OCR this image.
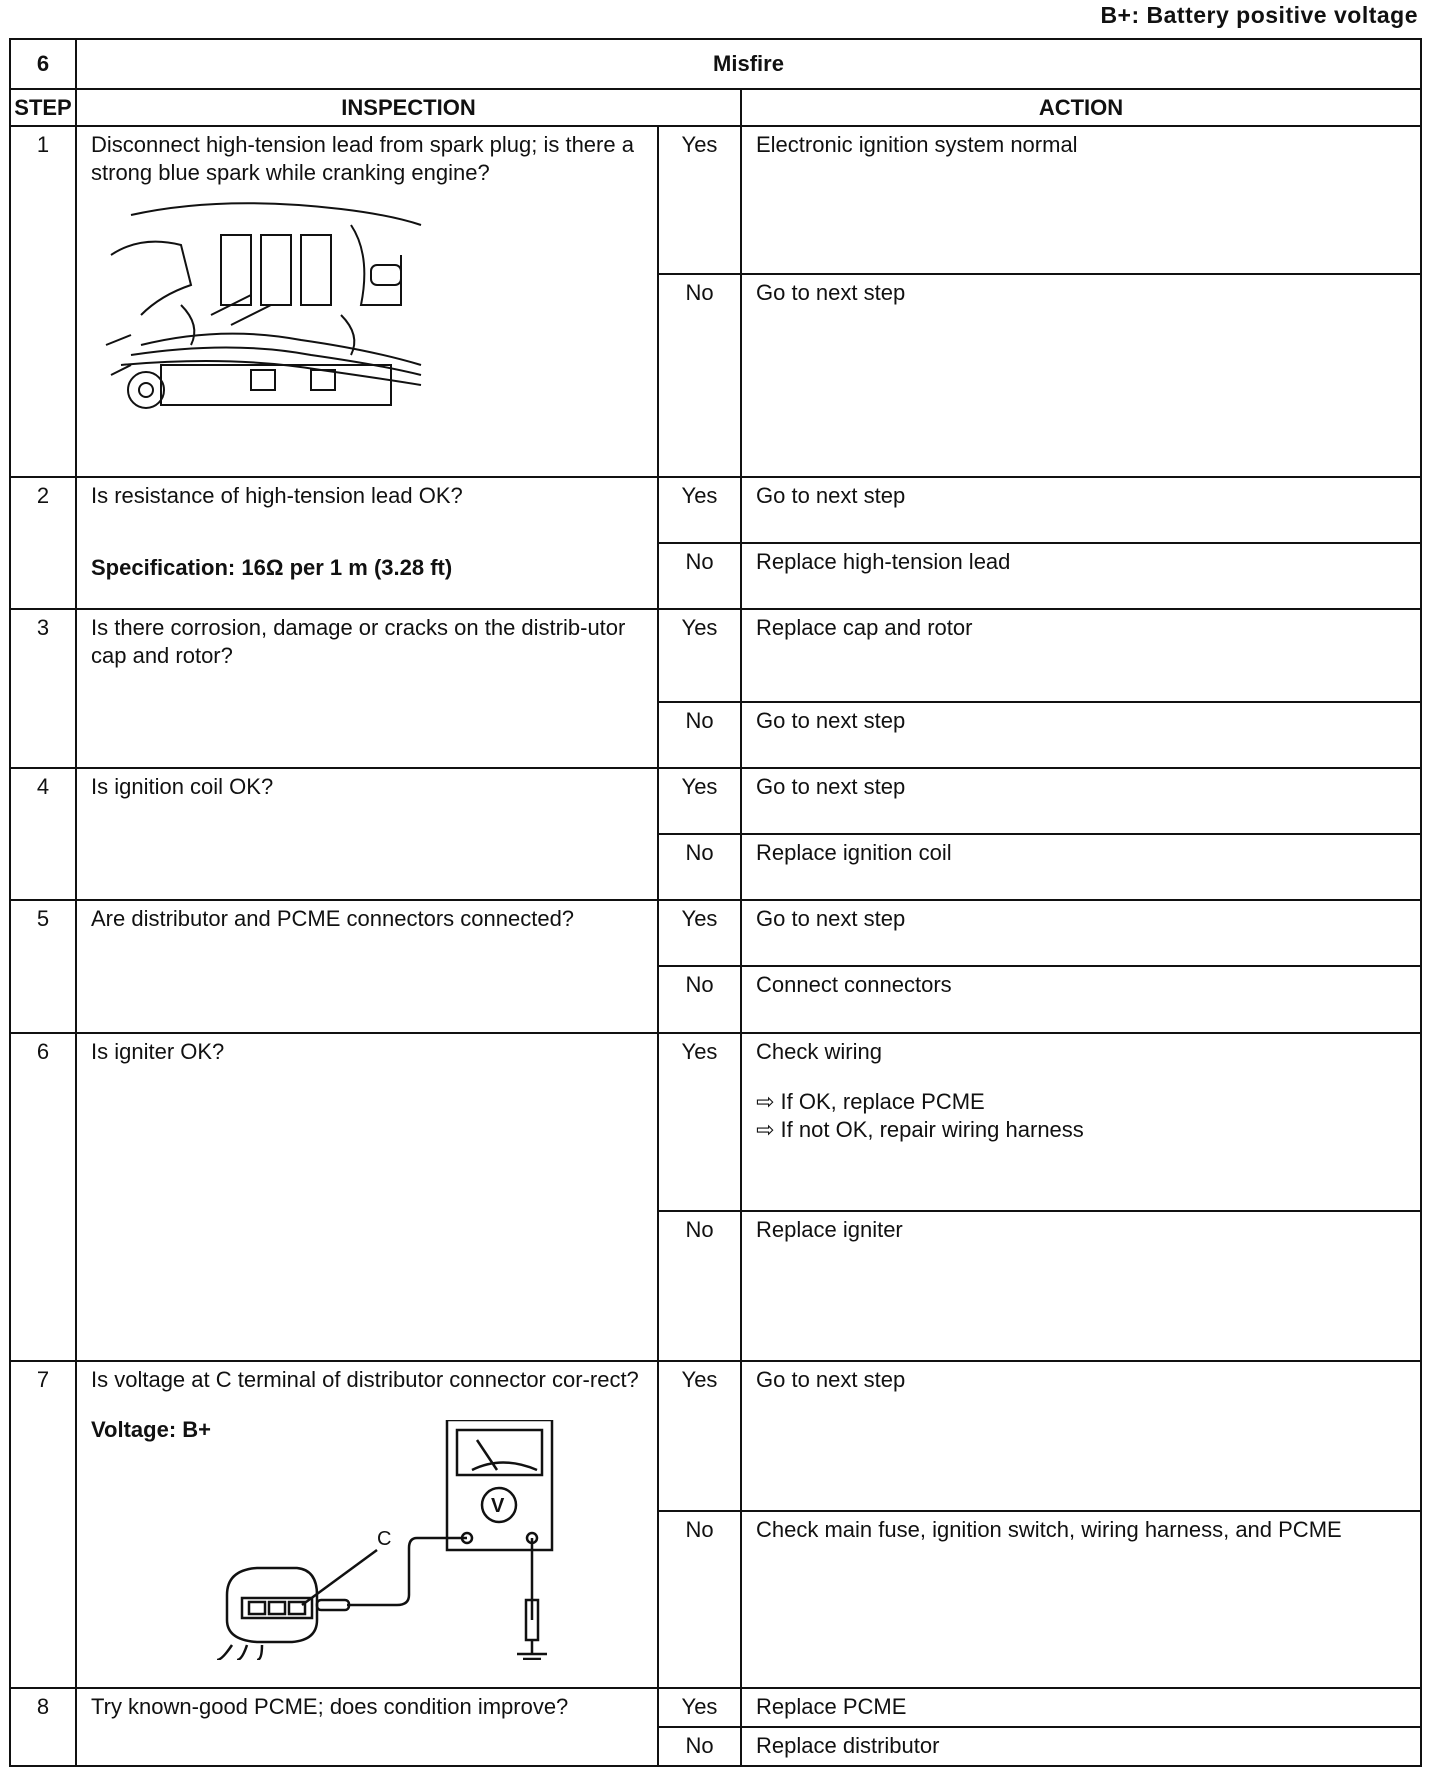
B+: Battery positive voltage
6	Misfire		
STEP	INSPECTION		ACTION
1	Disconnect high-tension lead from spark plug; is there a strong blue spark while cranking engine?	Yes	Electronic ignition system normal
		No	Go to next step
2	Is resistance of high-tension lead OK?
Specification: 16Ω per 1 m (3.28 ft)	Yes	Go to next step
		No	Replace high-tension lead
3	Is there corrosion, damage or cracks on the distrib-utor cap and rotor?	Yes	Replace cap and rotor
		No	Go to next step
4	Is ignition coil OK?	Yes	Go to next step
		No	Replace ignition coil
5	Are distributor and PCME connectors connected?	Yes	Go to next step
		No	Connect connectors
6	Is igniter OK?	Yes	Check wiring
⇨ If OK, replace PCME
⇨ If not OK, repair wiring harness

		No	Replace igniter
7	Is voltage at C terminal of distributor connector cor-rect?
Voltage: B+
C
V	Yes	Go to next step
		No	Check main fuse, ignition switch, wiring harness, and PCME
8	Try known-good PCME; does condition improve?	Yes	Replace PCME
		No	Replace distributor
